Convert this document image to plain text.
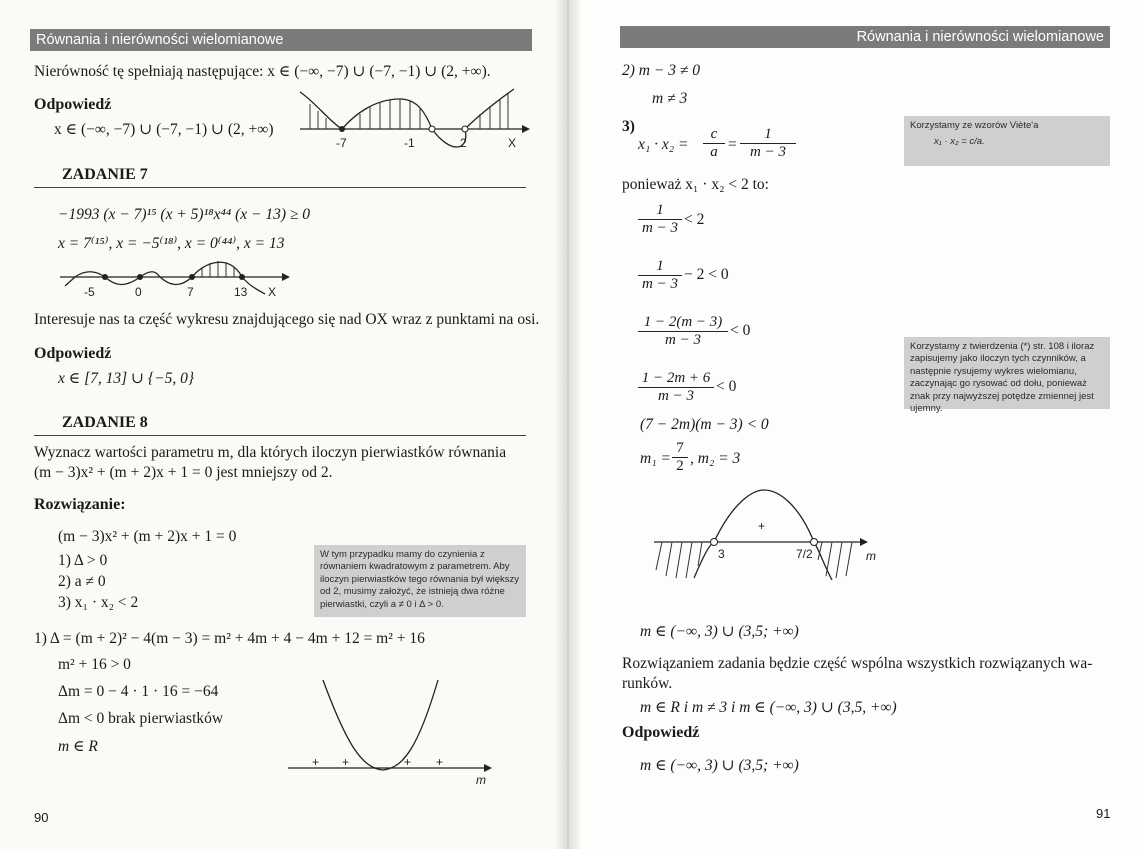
Równania i nierówności wielomianowe
Nierówność tę spełniają następujące: x ∈ (−∞, −7) ∪ (−7, −1) ∪ (2, +∞).
Odpowiedź
x ∈ (−∞, −7) ∪ (−7, −1) ∪ (2, +∞)
-7	-1	2	X
ZADANIE 7
−1993 (x − 7)¹⁵ (x + 5)¹⁸x⁴⁴ (x − 13) ≥ 0
x = 7⁽¹⁵⁾, x = −5⁽¹⁸⁾, x = 0⁽⁴⁴⁾, x = 13
-5	0	7	13 X
Interesuje nas ta część wykresu znajdującego się nad OX wraz z punktami na osi.
Odpowiedź
x ∈ [7, 13] ∪ {−5, 0}
ZADANIE 8
Wyznacz wartości parametru m, dla których iloczyn pierwiastków równania
(m − 3)x² + (m + 2)x + 1 = 0 jest mniejszy od 2.
Rozwiązanie:
(m − 3)x² + (m + 2)x + 1 = 0
1) Δ > 0
2) a ≠ 0
3) x₁ · x₂ < 2
W tym przypadku mamy do czynienia z równaniem kwadratowym z parametrem. Aby iloczyn pierwiastków tego równania był większy od 2, musimy założyć, że istnieją dwa różne pierwiastki, czyli a ≠ 0 i Δ > 0.
1) Δ = (m + 2)² − 4(m − 3) = m² + 4m + 4 − 4m + 12 = m² + 16
m² + 16 > 0
Δm = 0 − 4 · 1 · 16 = −64
Δm < 0 brak pierwiastków
m ∈ R
+ +	+ +
m
90
Równania i nierówności wielomianowe
2) m − 3 ≠ 0
m ≠ 3
3)
$x_1 \cdot x_2 = \frac{c}{a} = \frac{1}{m - 3}$
Korzystamy ze wzorów Viète'a
x₁ · x₂ = c/a.
ponieważ x₁ · x₂ < 2 to:
$\frac{1}{m - 3} < 2$
$\frac{1}{m - 3} - 2 < 0$
$\frac{1 - 2(m - 3)}{m - 3} < 0$
$\frac{1 - 2m + 6}{m - 3} < 0$
Korzystamy z twierdzenia (*) str. 108 i iloraz zapisujemy jako iloczyn tych czynników, a następnie rysujemy wykres wielomianu, zaczynając go rysować od dołu, ponieważ znak przy najwyższej potędze zmiennej jest ujemny.
(7 − 2m)(m − 3) < 0
$m_1 = \frac{7}{2}$ , m₂ = 3
+
3	7/2	m
m ∈ (−∞, 3) ∪ (3,5; +∞)
Rozwiązaniem zadania będzie część wspólna wszystkich rozwiązanych wa-
runków.
m ∈ R i m ≠ 3 i m ∈ (−∞, 3) ∪ (3,5, +∞)
Odpowiedź
m ∈ (−∞, 3) ∪ (3,5; +∞)
91
